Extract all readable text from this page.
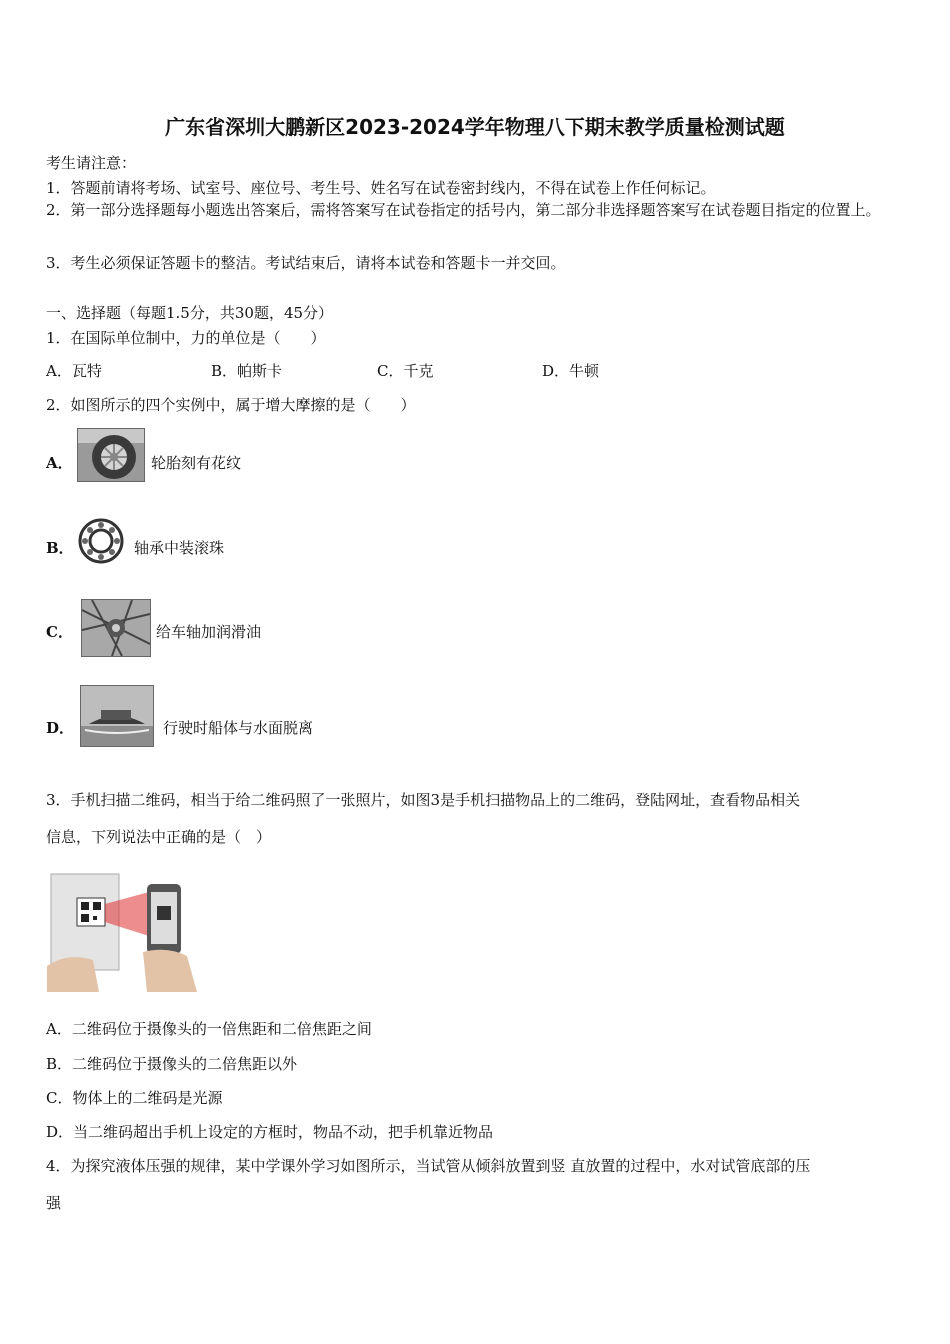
广东省深圳大鹏新区2023-2024学年物理八下期末教学质量检测试题
考生请注意：
1．答题前请将考场、试室号、座位号、考生号、姓名写在试卷密封线内，不得在试卷上作任何标记。
2．第一部分选择题每小题选出答案后，需将答案写在试卷指定的括号内，第二部分非选择题答案写在试卷题目指定的位置上。
3．考生必须保证答题卡的整洁。考试结束后，请将本试卷和答题卡一并交回。
一、选择题（每题1.5分，共30题，45分）
1．在国际单位制中，力的单位是（　　）
A．瓦特	B．帕斯卡	C．千克	D．牛顿
2．如图所示的四个实例中，属于增大摩擦的是（　　）
A．	轮胎刻有花纹
B．	轴承中装滚珠
C．	给车轴加润滑油
D．	行驶时船体与水面脱离
3．手机扫描二维码，相当于给二维码照了一张照片，如图3是手机扫描物品上的二维码，登陆网址，查看物品相关
信息，下列说法中正确的是（　）
A．二维码位于摄像头的一倍焦距和二倍焦距之间
B．二维码位于摄像头的二倍焦距以外
C．物体上的二维码是光源
D．当二维码超出手机上设定的方框时，物品不动，把手机靠近物品
4．为探究液体压强的规律，某中学课外学习如图所示，当试管从倾斜放置到竖 直放置的过程中，水对试管底部的压
强
